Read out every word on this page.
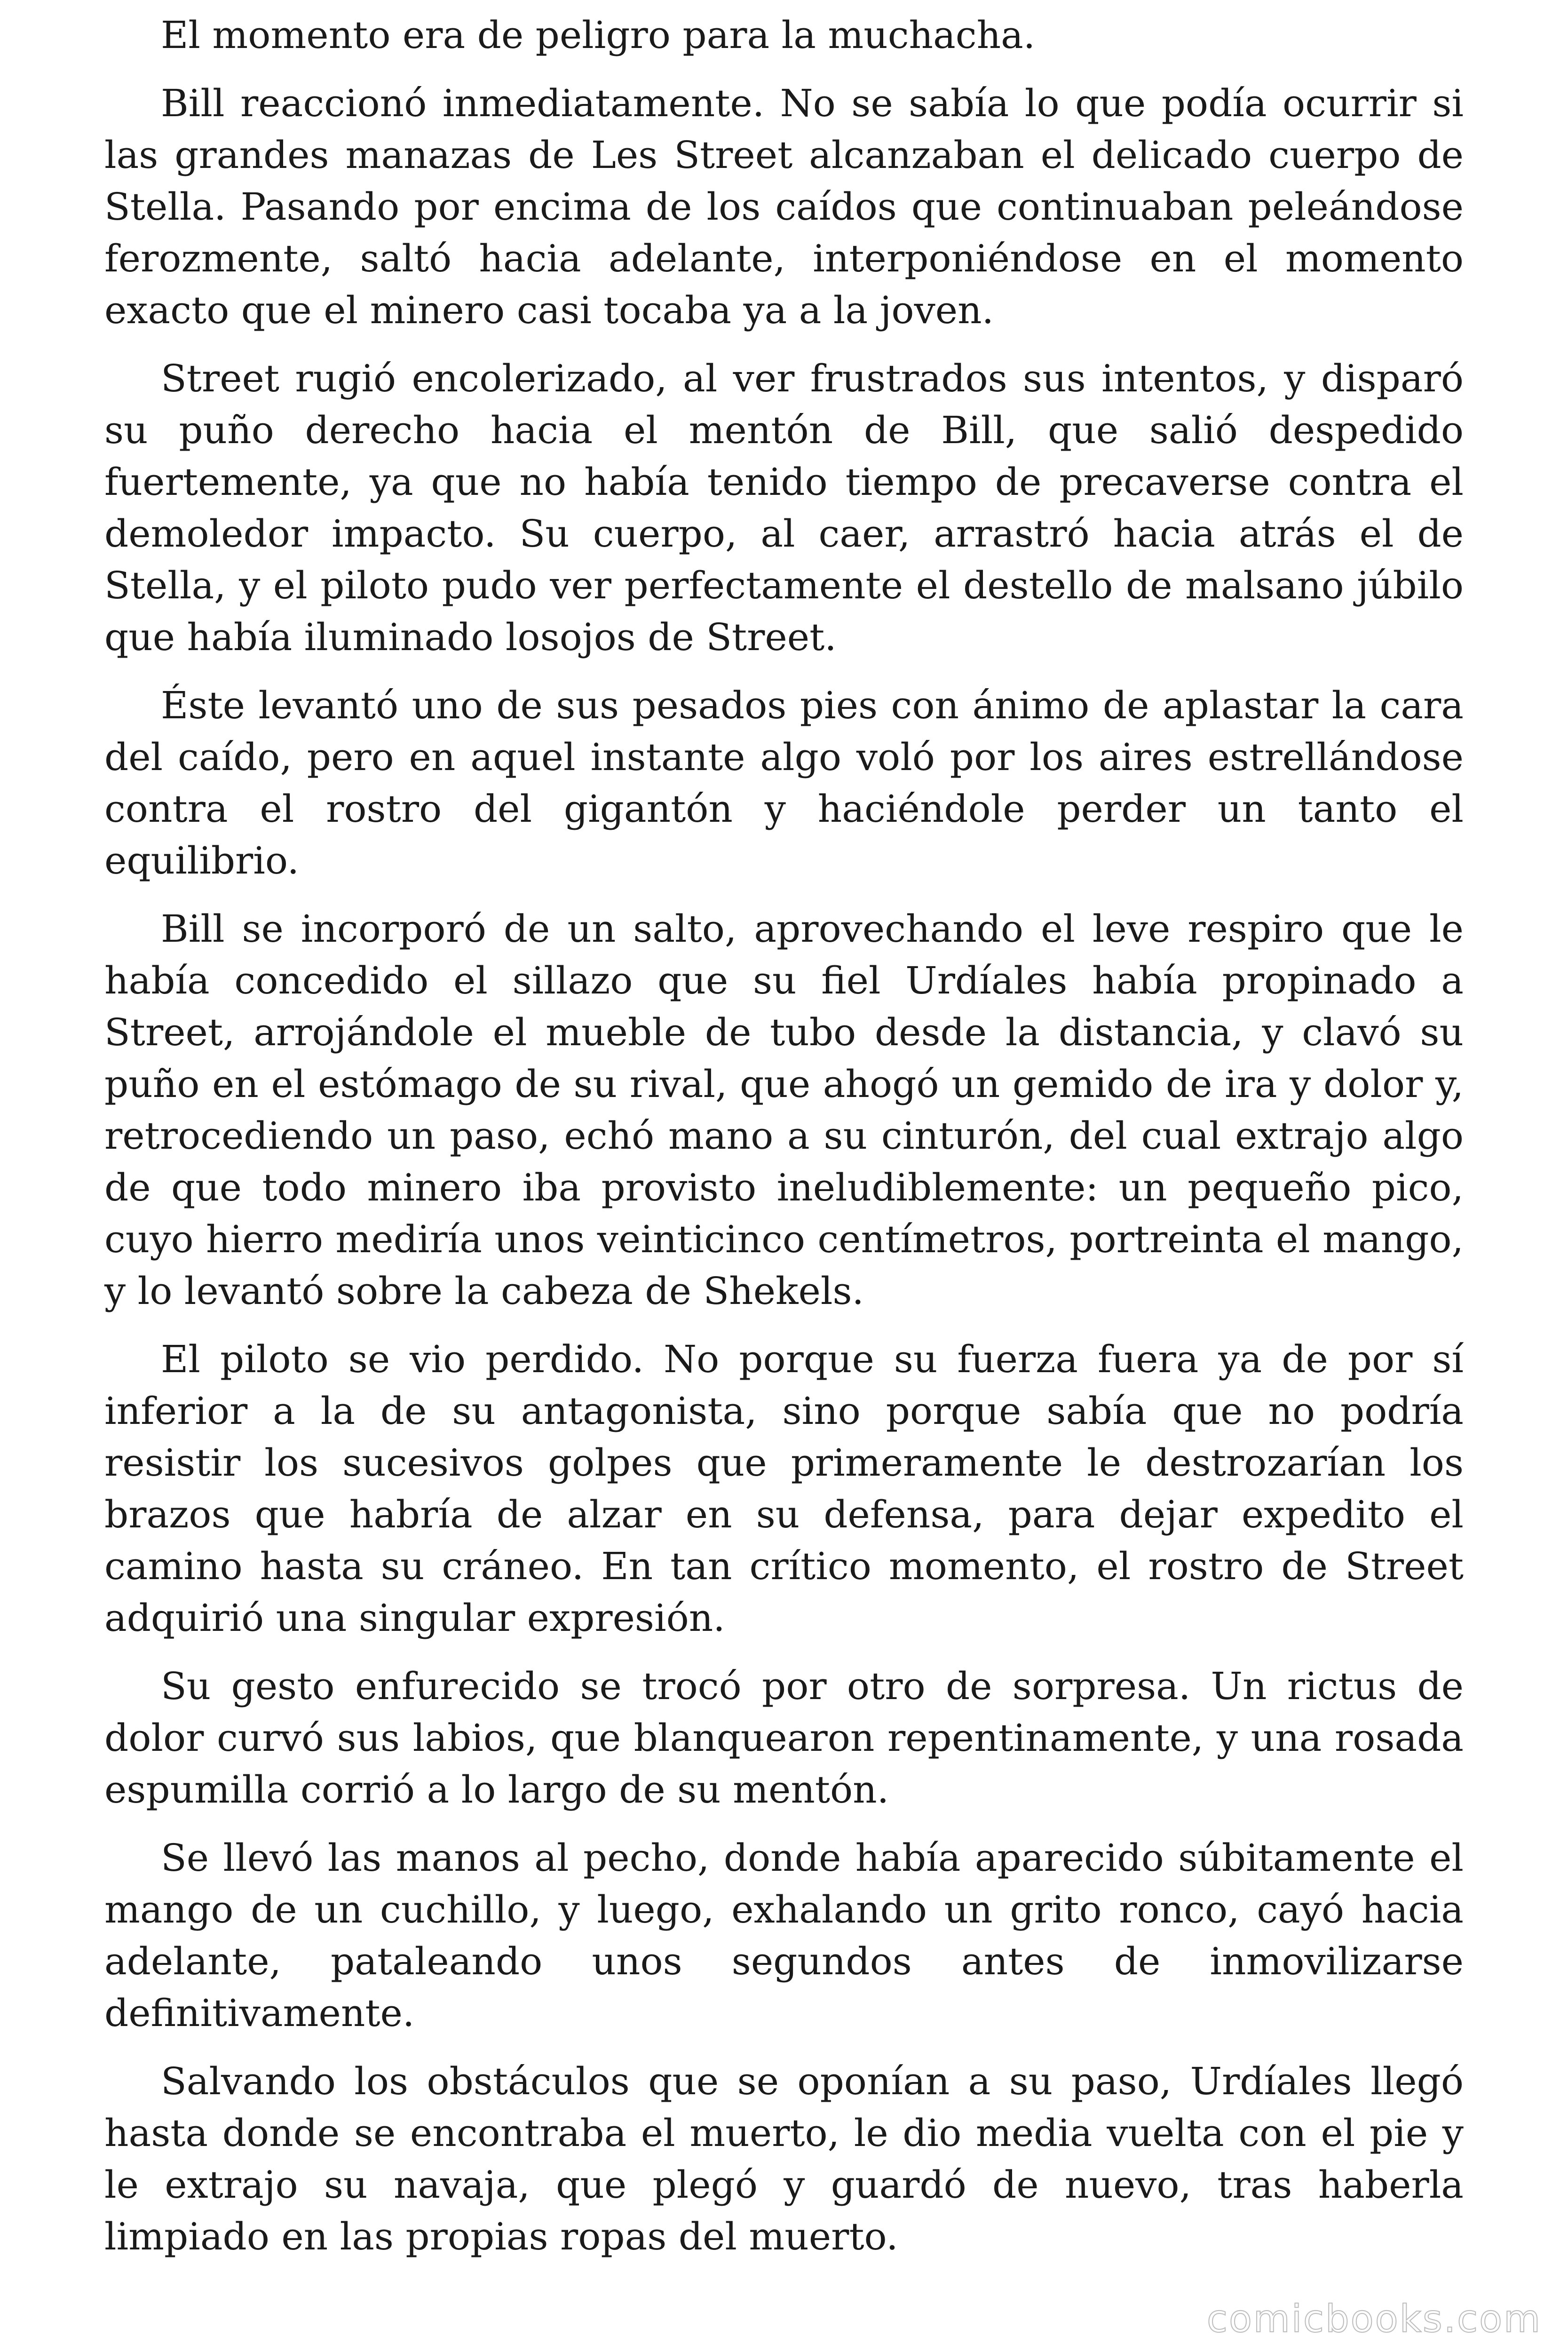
El momento era de peligro para la muchacha.

Bill reaccionó inmediatamente. No se sabía lo que podía ocurrir si las grandes manazas de Les Street alcanzaban el delicado cuerpo de Stella. Pasando por encima de los caídos que continuaban peleándose ferozmente, saltó hacia adelante, interponiéndose en el momento exacto que el minero casi tocaba ya a la joven.

Street rugió encolerizado, al ver frustrados sus intentos, y disparó su puño derecho hacia el mentón de Bill, que salió despedido fuertemente, ya que no había tenido tiempo de precaverse contra el demoledor impacto. Su cuerpo, al caer, arrastró hacia atrás el de Stella, y el piloto pudo ver perfectamente el destello de malsano júbilo que había iluminado losojos de Street.

Éste levantó uno de sus pesados pies con ánimo de aplastar la cara del caído, pero en aquel instante algo voló por los aires estrellándose contra el rostro del gigantón y haciéndole perder un tanto el equilibrio.

Bill se incorporó de un salto, aprovechando el leve respiro que le había concedido el sillazo que su fiel Urdíales había propinado a Street, arrojándole el mueble de tubo desde la distancia, y clavó su puño en el estómago de su rival, que ahogó un gemido de ira y dolor y, retrocediendo un paso, echó mano a su cinturón, del cual extrajo algo de que todo minero iba provisto ineludiblemente: un pequeño pico, cuyo hierro mediría unos veinticinco centímetros, portreinta el mango, y lo levantó sobre la cabeza de Shekels.

El piloto se vio perdido. No porque su fuerza fuera ya de por sí inferior a la de su antagonista, sino porque sabía que no podría resistir los sucesivos golpes que primeramente le destrozarían los brazos que habría de alzar en su defensa, para dejar expedito el camino hasta su cráneo. En tan crítico momento, el rostro de Street adquirió una singular expresión.

Su gesto enfurecido se trocó por otro de sorpresa. Un rictus de dolor curvó sus labios, que blanquearon repentinamente, y una rosada espumilla corrió a lo largo de su mentón.

Se llevó las manos al pecho, donde había aparecido súbitamente el mango de un cuchillo, y luego, exhalando un grito ronco, cayó hacia adelante, pataleando unos segundos antes de inmovilizarse definitivamente.

Salvando los obstáculos que se oponían a su paso, Urdíales llegó hasta donde se encontraba el muerto, le dio media vuelta con el pie y le extrajo su navaja, que plegó y guardó de nuevo, tras haberla limpiado en las propias ropas del muerto.

comicbooks.com
